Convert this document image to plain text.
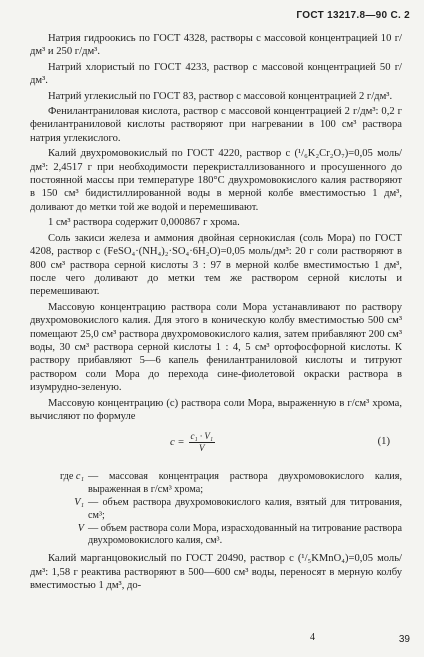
ГОСТ 13217.8—90 С. 2

Натрия гидроокись по ГОСТ 4328, растворы с массовой концентрацией 10 г/дм³ и 250 г/дм³.

Натрий хлористый по ГОСТ 4233, раствор с массовой концентрацией 50 г/дм³.

Натрий углекислый по ГОСТ 83, раствор с массовой концентрацией 2 г/дм³.

Фенилантраниловая кислота, раствор с массовой концентрацией 2 г/дм³: 0,2 г фенилантраниловой кислоты растворяют при нагревании в 100 см³ раствора натрия углекислого.

Калий двухромовокислый по ГОСТ 4220, раствор с (¹/₆K₂Cr₂O₇)=0,05 моль/дм³: 2,4517 г при необходимости перекристаллизованного и просушенного до постоянной массы при температуре 180°С двухромовокислого калия растворяют в 150 см³ бидистиллированной воды в мерной колбе вместимостью 1 дм³, доливают до метки той же водой и перемешивают.

1 см³ раствора содержит 0,000867 г хрома.

Соль закиси железа и аммония двойная сернокислая (соль Мора) по ГОСТ 4208, раствор с (FeSO₄·(NH₄)₂·SO₄·6H₂O)=0,05 моль/дм³: 20 г соли растворяют в 800 см³ раствора серной кислоты 3 : 97 в мерной колбе вместимостью 1 дм³, после чего доливают до метки тем же раствором серной кислоты и перемешивают.

Массовую концентрацию раствора соли Мора устанавливают по раствору двухромовокислого калия. Для этого в коническую колбу вместимостью 500 см³ помещают 25,0 см³ раствора двухромовокислого калия, затем прибавляют 200 см³ воды, 30 см³ раствора серной кислоты 1 : 4, 5 см³ ортофосфорной кислоты. К раствору прибавляют 5—6 капель фенилантраниловой кислоты и титруют раствором соли Мора до перехода сине-фиолетовой окраски раствора в изумрудно-зеленую.

Массовую концентрацию (с) раствора соли Мора, выраженную в г/см³ хрома, вычисляют по формуле

$c = \frac{\text{c₁ · V₁}}{V}$	(1)
где c₁ — массовая концентрация раствора двухромовокислого калия, выраженная в г/см³ хрома;
V₁ — объем раствора двухромовокислого калия, взятый для титрования, см³;
V — объем раствора соли Мора, израсходованный на титрование раствора двухромовокислого калия, см³.

Калий марганцовокислый по ГОСТ 20490, раствор с (¹/₅KMnO₄)=0,05 моль/дм³: 1,58 г реактива растворяют в 500—600 см³ воды, переносят в мерную колбу вместимостью 1 дм³, до-

4	39
